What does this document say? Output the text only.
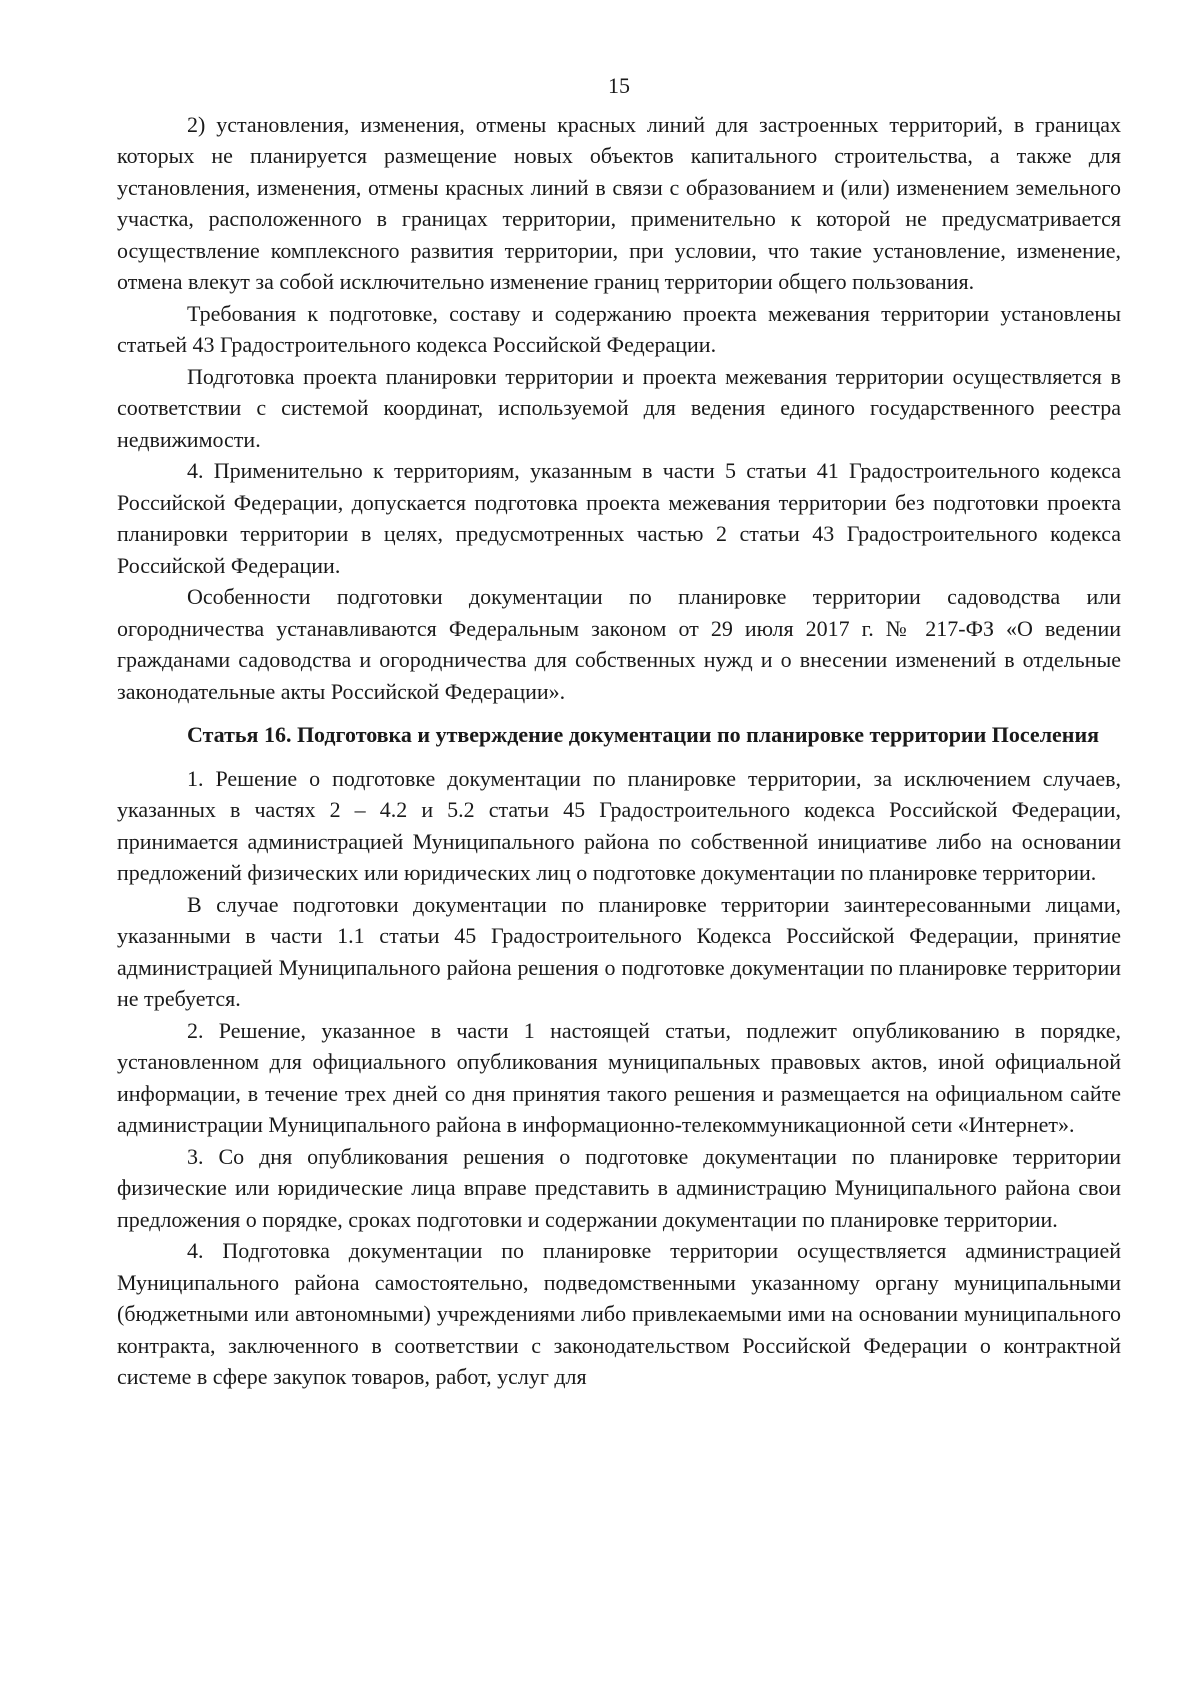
15

2) установления, изменения, отмены красных линий для застроенных территорий, в границах которых не планируется размещение новых объектов капитального строительства, а также для установления, изменения, отмены красных линий в связи с образованием и (или) изменением земельного участка, расположенного в границах территории, применительно к которой не предусматривается осуществление комплексного развития территории, при условии, что такие установление, изменение, отмена влекут за собой исключительно изменение границ территории общего пользования.

Требования к подготовке, составу и содержанию проекта межевания территории установлены статьей 43 Градостроительного кодекса Российской Федерации.

Подготовка проекта планировки территории и проекта межевания территории осуществляется в соответствии с системой координат, используемой для ведения единого государственного реестра недвижимости.

4. Применительно к территориям, указанным в части 5 статьи 41 Градостроительного кодекса Российской Федерации, допускается подготовка проекта межевания территории без подготовки проекта планировки территории в целях, предусмотренных частью 2 статьи 43 Градостроительного кодекса Российской Федерации.

Особенности подготовки документации по планировке территории садоводства или огородничества устанавливаются Федеральным законом от 29 июля 2017 г. № 217-ФЗ «О ведении гражданами садоводства и огородничества для собственных нужд и о внесении изменений в отдельные законодательные акты Российской Федерации».

Статья 16. Подготовка и утверждение документации по планировке территории Поселения

1. Решение о подготовке документации по планировке территории, за исключением случаев, указанных в частях 2 – 4.2 и 5.2 статьи 45 Градостроительного кодекса Российской Федерации, принимается администрацией Муниципального района по собственной инициативе либо на основании предложений физических или юридических лиц о подготовке документации по планировке территории.

В случае подготовки документации по планировке территории заинтересованными лицами, указанными в части 1.1 статьи 45 Градостроительного Кодекса Российской Федерации, принятие администрацией Муниципального района решения о подготовке документации по планировке территории не требуется.

2. Решение, указанное в части 1 настоящей статьи, подлежит опубликованию в порядке, установленном для официального опубликования муниципальных правовых актов, иной официальной информации, в течение трех дней со дня принятия такого решения и размещается на официальном сайте администрации Муниципального района в информационно-телекоммуникационной сети «Интернет».

3. Со дня опубликования решения о подготовке документации по планировке территории физические или юридические лица вправе представить в администрацию Муниципального района свои предложения о порядке, сроках подготовки и содержании документации по планировке территории.

4. Подготовка документации по планировке территории осуществляется администрацией Муниципального района самостоятельно, подведомственными указанному органу муниципальными (бюджетными или автономными) учреждениями либо привлекаемыми ими на основании муниципального контракта, заключенного в соответствии с законодательством Российской Федерации о контрактной системе в сфере закупок товаров, работ, услуг для
